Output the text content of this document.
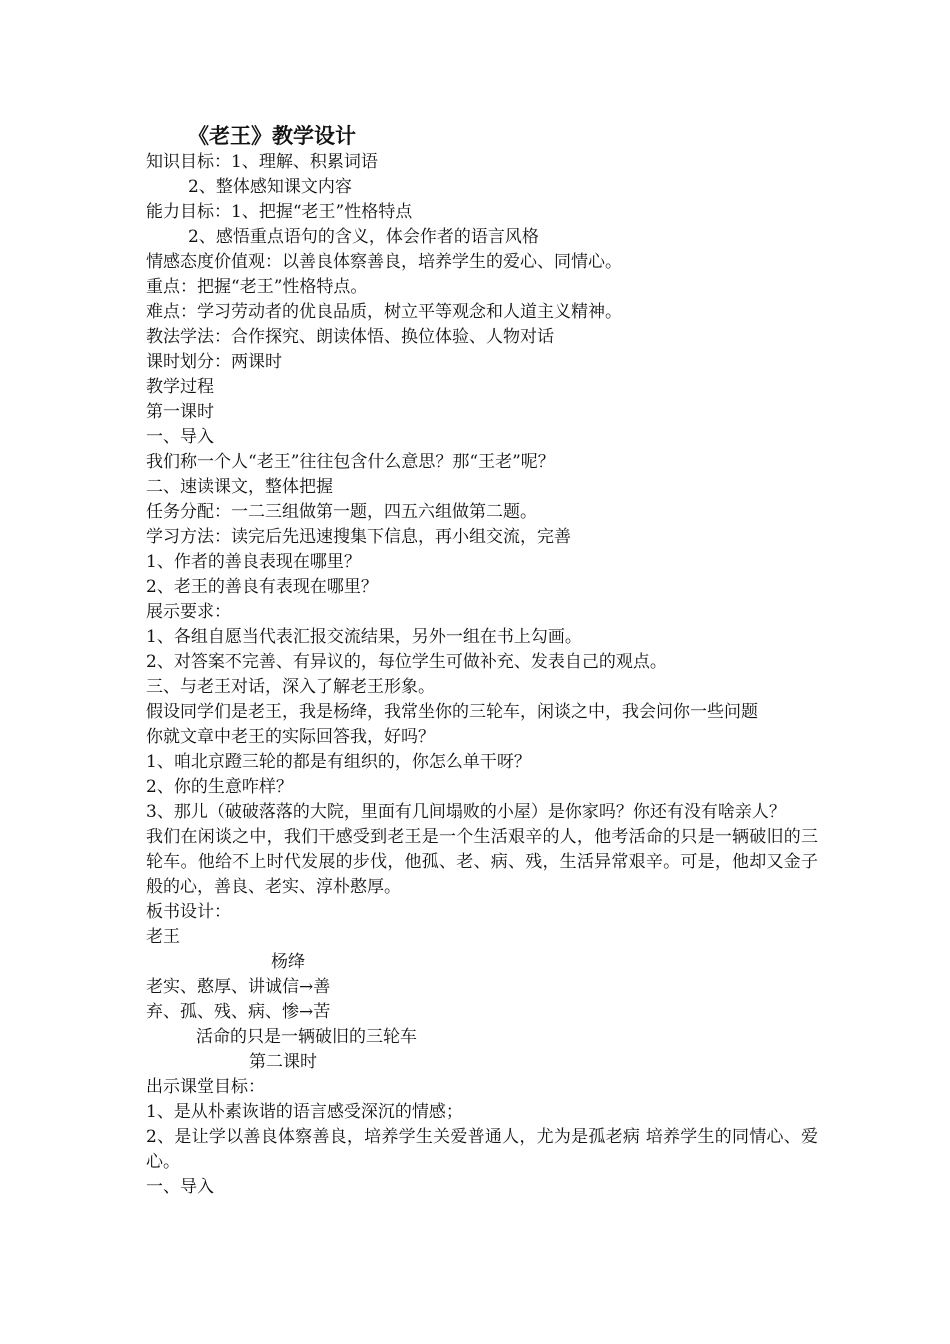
《老王》教学设计
知识目标：1、理解、积累词语
2、整体感知课文内容
能力目标：1、把握“老王”性格特点
2、感悟重点语句的含义，体会作者的语言风格
情感态度价值观：以善良体察善良，培养学生的爱心、同情心。
重点：把握“老王”性格特点。
难点：学习劳动者的优良品质，树立平等观念和人道主义精神。
教法学法：合作探究、朗读体悟、换位体验、人物对话
课时划分：两课时
教学过程
第一课时
一、导入
我们称一个人“老王”往往包含什么意思？那“王老”呢？
二、速读课文，整体把握
任务分配：一二三组做第一题，四五六组做第二题。
学习方法：读完后先迅速搜集下信息，再小组交流，完善
1、作者的善良表现在哪里？
2、老王的善良有表现在哪里？
展示要求：
1、各组自愿当代表汇报交流结果，另外一组在书上勾画。
2、对答案不完善、有异议的，每位学生可做补充、发表自己的观点。
三、与老王对话，深入了解老王形象。
假设同学们是老王，我是杨绛，我常坐你的三轮车，闲谈之中，我会问你一些问题
你就文章中老王的实际回答我，好吗？
1、咱北京蹬三轮的都是有组织的，你怎么单干呀？
2、你的生意咋样？
3、那儿（破破落落的大院，里面有几间塌败的小屋）是你家吗？你还有没有啥亲人？
我们在闲谈之中，我们干感受到老王是一个生活艰辛的人，他考活命的只是一辆破旧的三轮车。他给不上时代发展的步伐，他孤、老、病、残，生活异常艰辛。可是，他却又金子般的心，善良、老实、淳朴憨厚。
板书设计：
老王
杨绛
老实、憨厚、讲诚信→善
弃、孤、残、病、惨→苦
活命的只是一辆破旧的三轮车
第二课时
出示课堂目标：
1、是从朴素诙谐的语言感受深沉的情感；
2、是让学以善良体察善良，培养学生关爱普通人，尤为是孤老病 培养学生的同情心、爱心。
一、导入
